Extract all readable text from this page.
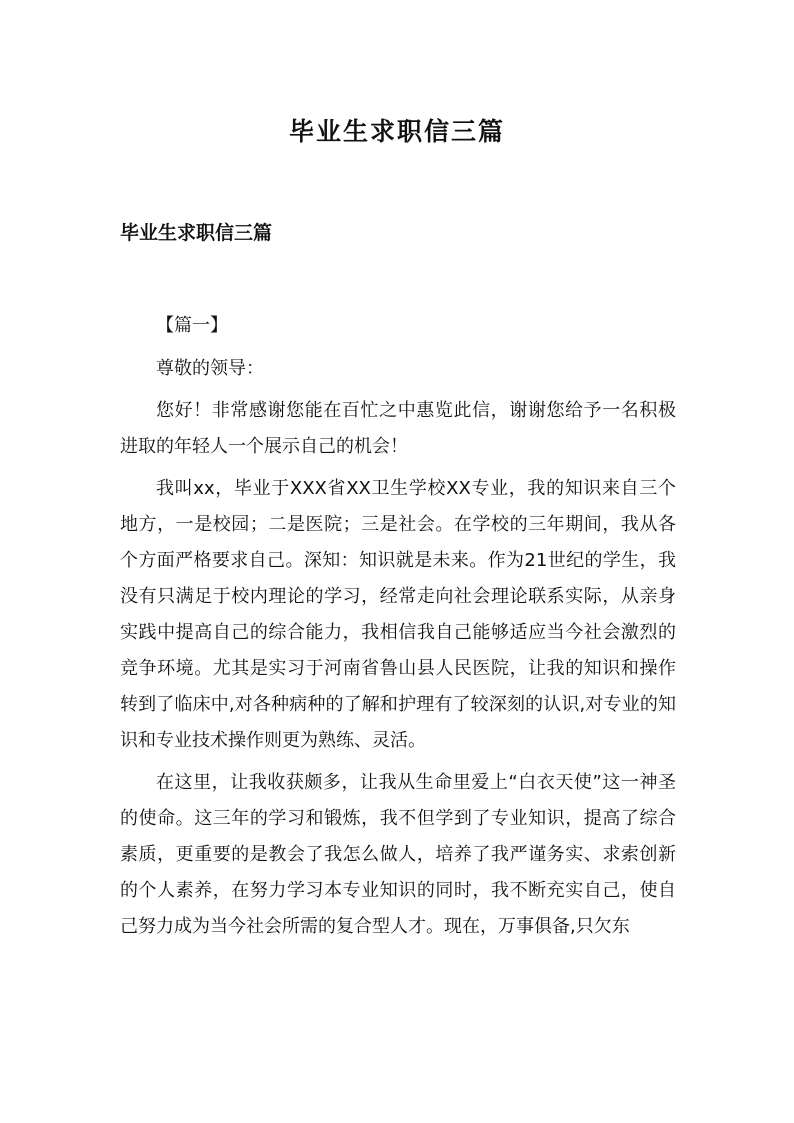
毕业生求职信三篇
毕业生求职信三篇

【篇一】

尊敬的领导：

您好！非常感谢您能在百忙之中惠览此信，谢谢您给予一名积极进取的年轻人一个展示自己的机会！

我叫xx，毕业于XXX省XX卫生学校XX专业，我的知识来自三个地方，一是校园；二是医院；三是社会。在学校的三年期间，我从各个方面严格要求自己。深知：知识就是未来。作为21世纪的学生，我没有只满足于校内理论的学习，经常走向社会理论联系实际，从亲身实践中提高自己的综合能力，我相信我自己能够适应当今社会激烈的竞争环境。尤其是实习于河南省鲁山县人民医院，让我的知识和操作转到了临床中,对各种病种的了解和护理有了较深刻的认识,对专业的知识和专业技术操作则更为熟练、灵活。

在这里，让我收获颇多，让我从生命里爱上“白衣天使”这一神圣的使命。这三年的学习和锻炼，我不但学到了专业知识，提高了综合素质，更重要的是教会了我怎么做人，培养了我严谨务实、求索创新的个人素养，在努力学习本专业知识的同时，我不断充实自己，使自己努力成为当今社会所需的复合型人才。现在，万事俱备,只欠东
